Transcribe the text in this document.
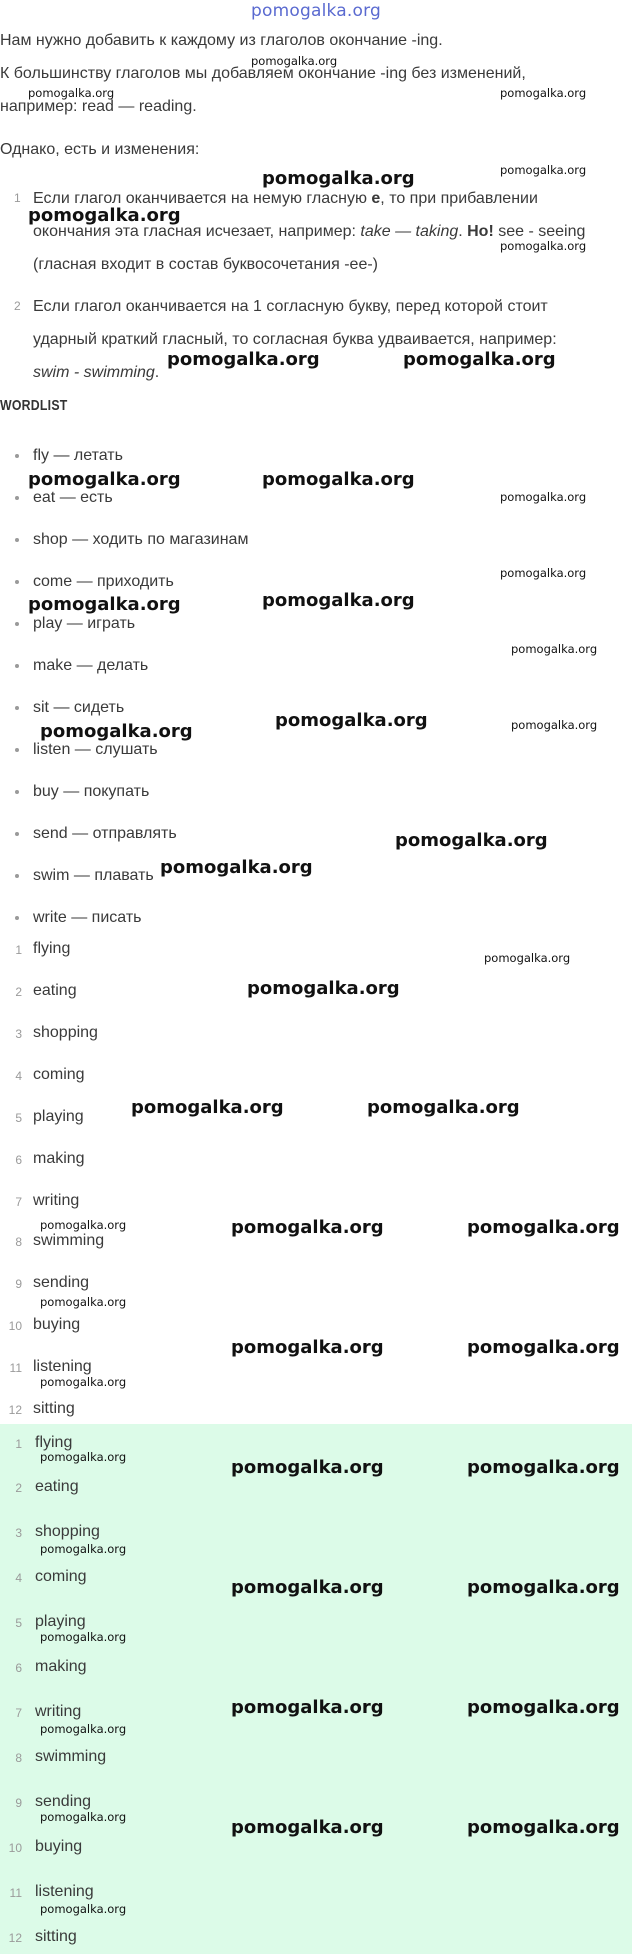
pomogalka.org
Нам нужно добавить к каждому из глаголов окончание -ing.
К большинству глаголов мы добавляем окончание -ing без изменений,
например: read — reading.
Однако, есть и изменения:
1 Если глагол оканчивается на немую гласную e, то при прибавлении
окончания эта гласная исчезает, например: take — taking. Но! see - seeing
(гласная входит в состав буквосочетания -ee-)
2 Если глагол оканчивается на 1 согласную букву, перед которой стоит
ударный краткий гласный, то согласная буква удваивается, например:
swim - swimming.
WORDLIST
fly — летать
eat — есть
shop — ходить по магазинам
come — приходить
play — играть
make — делать
sit — сидеть
listen — слушать
buy — покупать
send — отправлять
swim — плавать
write — писать
1 flying
2 eating
3 shopping
4 coming
5 playing
6 making
7 writing
8 swimming
9 sending
10 buying
11 listening
12 sitting
1 flying
2 eating
3 shopping
4 coming
5 playing
6 making
7 writing
8 swimming
9 sending
10 buying
11 listening
12 sitting
pomogalka.org
pomogalka.org	pomogalka.org
pomogalka.org
pomogalka.org
pomogalka.org
pomogalka.org
pomogalka.org
pomogalka.org
pomogalka.org
pomogalka.org
pomogalka.org
pomogalka.org
pomogalka.org
pomogalka.org
pomogalka.org
pomogalka.org
pomogalka.org
pomogalka.org
pomogalka.org
pomogalka.org
pomogalka.org	pomogalka.org
pomogalka.org	pomogalka.org
pomogalka.org	pomogalka.org
pomogalka.org
pomogalka.org
pomogalka.org
pomogalka.org
pomogalka.org
pomogalka.org	pomogalka.org
pomogalka.org	pomogalka.org
pomogalka.org	pomogalka.org
pomogalka.org	pomogalka.org
pomogalka.org	pomogalka.org
pomogalka.org	pomogalka.org
pomogalka.org	pomogalka.org
